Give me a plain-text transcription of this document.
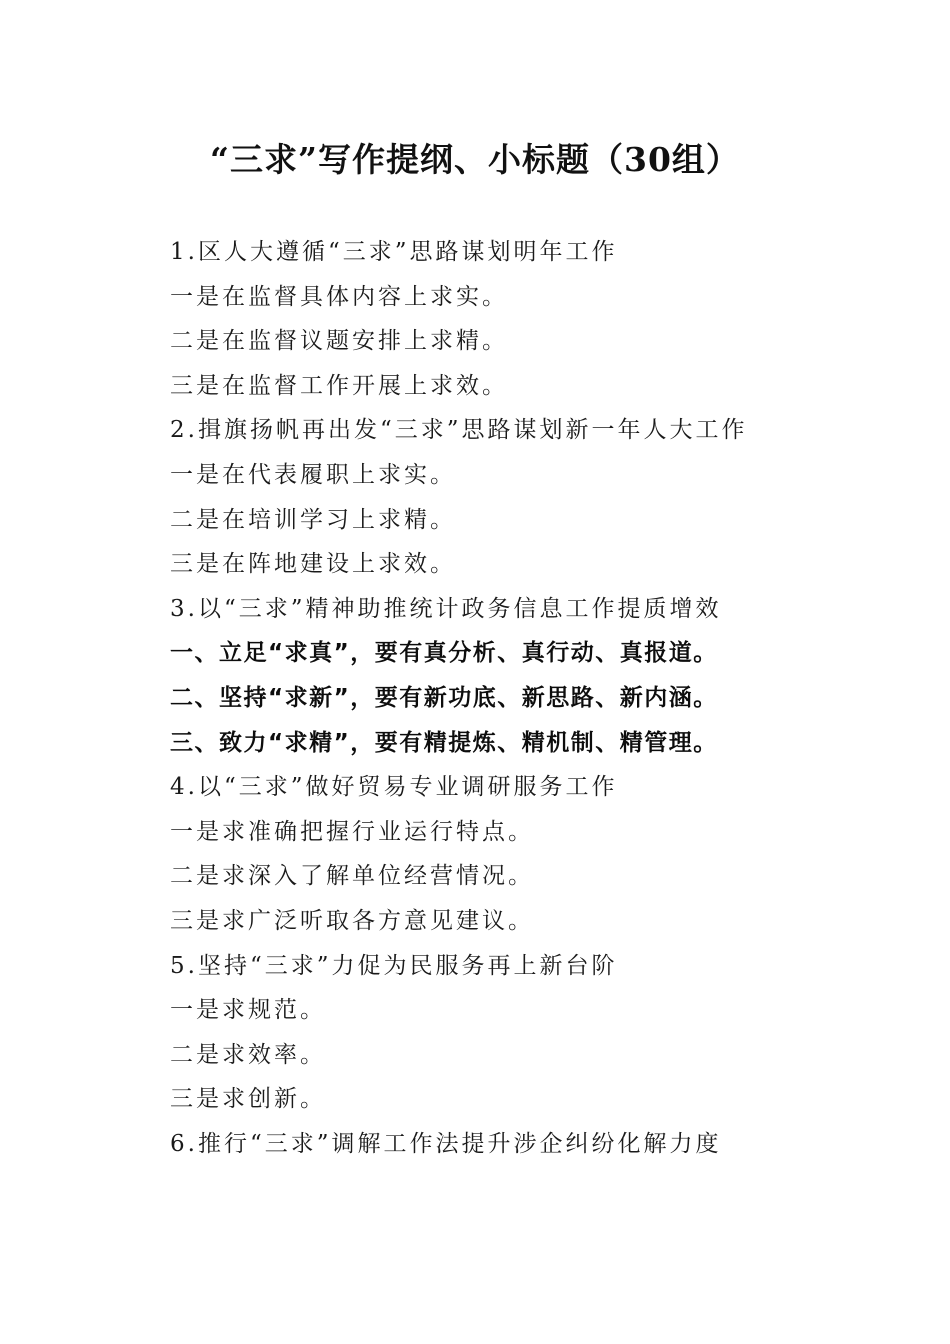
“三求”写作提纲、小标题（30组）
1.区人大遵循“三求”思路谋划明年工作
一是在监督具体内容上求实。
二是在监督议题安排上求精。
三是在监督工作开展上求效。
2.揖旗扬帆再出发“三求”思路谋划新一年人大工作
一是在代表履职上求实。
二是在培训学习上求精。
三是在阵地建设上求效。
3.以“三求”精神助推统计政务信息工作提质增效
一、立足“求真”，要有真分析、真行动、真报道。
二、坚持“求新”，要有新功底、新思路、新内涵。
三、致力“求精”，要有精提炼、精机制、精管理。
4.以“三求”做好贸易专业调研服务工作
一是求准确把握行业运行特点。
二是求深入了解单位经营情况。
三是求广泛听取各方意见建议。
5.坚持“三求”力促为民服务再上新台阶
一是求规范。
二是求效率。
三是求创新。
6.推行“三求”调解工作法提升涉企纠纷化解力度
